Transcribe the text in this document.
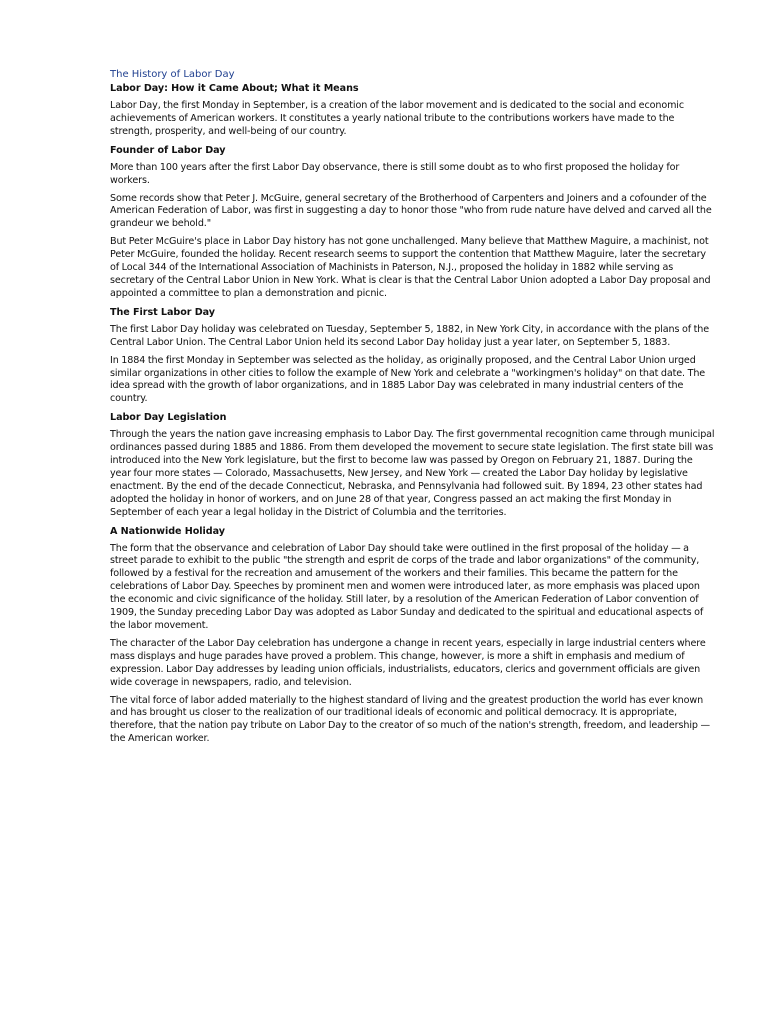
The History of Labor Day
Labor Day: How it Came About; What it Means

Labor Day, the first Monday in September, is a creation of the labor movement and is dedicated to the social and economic achievements of American workers. It constitutes a yearly national tribute to the contributions workers have made to the strength, prosperity, and well-being of our country.

Founder of Labor Day

More than 100 years after the first Labor Day observance, there is still some doubt as to who first proposed the holiday for workers.

Some records show that Peter J. McGuire, general secretary of the Brotherhood of Carpenters and Joiners and a cofounder of the American Federation of Labor, was first in suggesting a day to honor those "who from rude nature have delved and carved all the grandeur we behold."

But Peter McGuire's place in Labor Day history has not gone unchallenged. Many believe that Matthew Maguire, a machinist, not Peter McGuire, founded the holiday. Recent research seems to support the contention that Matthew Maguire, later the secretary of Local 344 of the International Association of Machinists in Paterson, N.J., proposed the holiday in 1882 while serving as secretary of the Central Labor Union in New York. What is clear is that the Central Labor Union adopted a Labor Day proposal and appointed a committee to plan a demonstration and picnic.

The First Labor Day

The first Labor Day holiday was celebrated on Tuesday, September 5, 1882, in New York City, in accordance with the plans of the Central Labor Union. The Central Labor Union held its second Labor Day holiday just a year later, on September 5, 1883.

In 1884 the first Monday in September was selected as the holiday, as originally proposed, and the Central Labor Union urged similar organizations in other cities to follow the example of New York and celebrate a "workingmen's holiday" on that date. The idea spread with the growth of labor organizations, and in 1885 Labor Day was celebrated in many industrial centers of the country.

Labor Day Legislation

Through the years the nation gave increasing emphasis to Labor Day. The first governmental recognition came through municipal ordinances passed during 1885 and 1886. From them developed the movement to secure state legislation. The first state bill was introduced into the New York legislature, but the first to become law was passed by Oregon on February 21, 1887. During the year four more states — Colorado, Massachusetts, New Jersey, and New York — created the Labor Day holiday by legislative enactment. By the end of the decade Connecticut, Nebraska, and Pennsylvania had followed suit. By 1894, 23 other states had adopted the holiday in honor of workers, and on June 28 of that year, Congress passed an act making the first Monday in September of each year a legal holiday in the District of Columbia and the territories.

A Nationwide Holiday

The form that the observance and celebration of Labor Day should take were outlined in the first proposal of the holiday — a street parade to exhibit to the public "the strength and esprit de corps of the trade and labor organizations" of the community, followed by a festival for the recreation and amusement of the workers and their families. This became the pattern for the celebrations of Labor Day. Speeches by prominent men and women were introduced later, as more emphasis was placed upon the economic and civic significance of the holiday. Still later, by a resolution of the American Federation of Labor convention of 1909, the Sunday preceding Labor Day was adopted as Labor Sunday and dedicated to the spiritual and educational aspects of the labor movement.

The character of the Labor Day celebration has undergone a change in recent years, especially in large industrial centers where mass displays and huge parades have proved a problem. This change, however, is more a shift in emphasis and medium of expression. Labor Day addresses by leading union officials, industrialists, educators, clerics and government officials are given wide coverage in newspapers, radio, and television.

The vital force of labor added materially to the highest standard of living and the greatest production the world has ever known and has brought us closer to the realization of our traditional ideals of economic and political democracy. It is appropriate, therefore, that the nation pay tribute on Labor Day to the creator of so much of the nation's strength, freedom, and leadership — the American worker.
